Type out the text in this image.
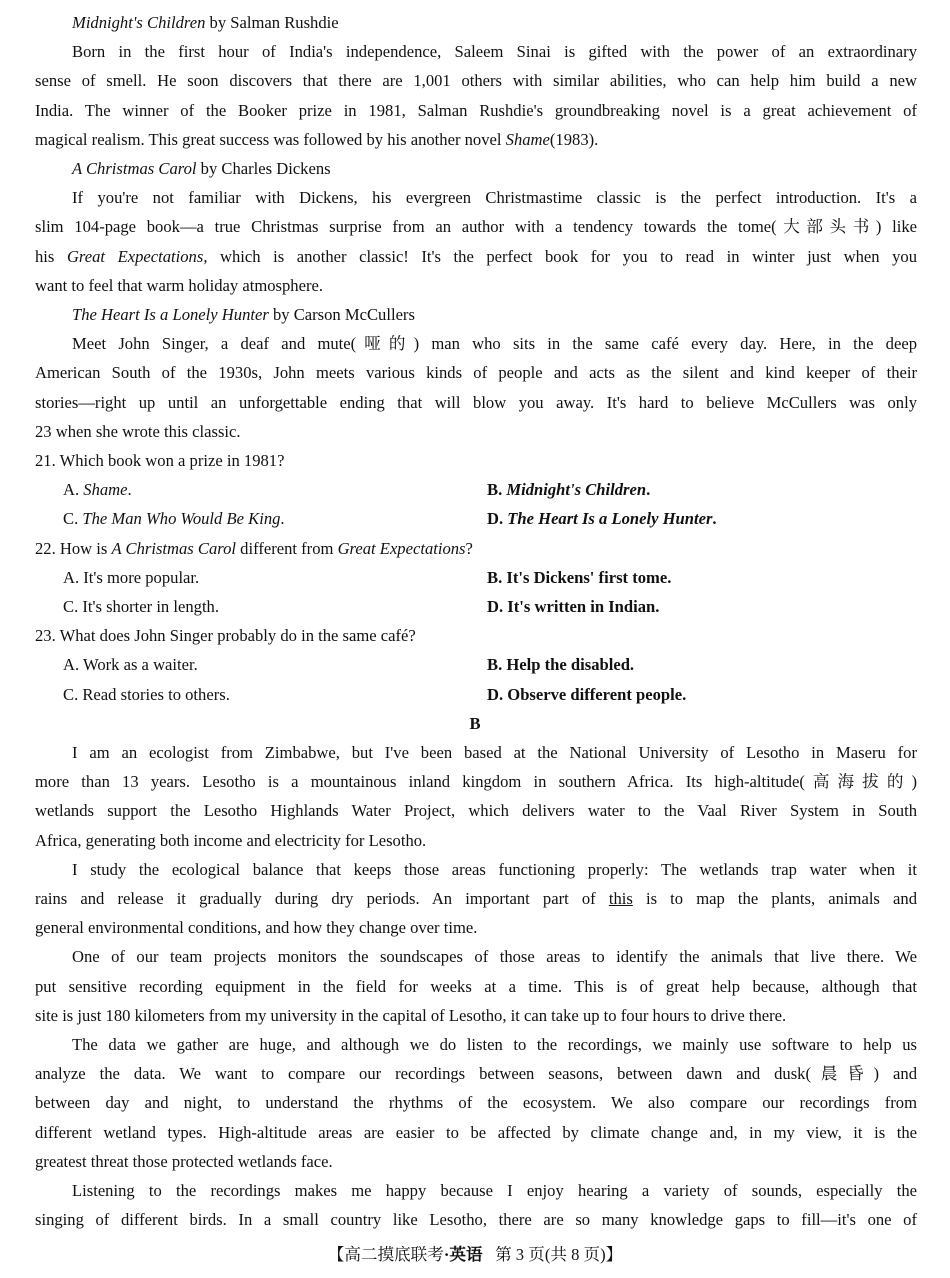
Midnight's Children by Salman Rushdie
Born in the first hour of India's independence, Saleem Sinai is gifted with the power of an extraordinary
sense of smell. He soon discovers that there are 1,001 others with similar abilities, who can help him build a new
India. The winner of the Booker prize in 1981, Salman Rushdie's groundbreaking novel is a great achievement of
magical realism. This great success was followed by his another novel Shame(1983).
A Christmas Carol by Charles Dickens
If you're not familiar with Dickens, his evergreen Christmastime classic is the perfect introduction. It's a
slim 104-page book—a true Christmas surprise from an author with a tendency towards the tome(大部头书) like
his Great Expectations, which is another classic! It's the perfect book for you to read in winter just when you
want to feel that warm holiday atmosphere.
The Heart Is a Lonely Hunter by Carson McCullers
Meet John Singer, a deaf and mute(哑的) man who sits in the same café every day. Here, in the deep
American South of the 1930s, John meets various kinds of people and acts as the silent and kind keeper of their
stories—right up until an unforgettable ending that will blow you away. It's hard to believe McCullers was only
23 when she wrote this classic.
21. Which book won a prize in 1981?
A. Shame.	B. Midnight's Children.
C. The Man Who Would Be King.	D. The Heart Is a Lonely Hunter.
22. How is A Christmas Carol different from Great Expectations?
A. It's more popular.	B. It's Dickens' first tome.
C. It's shorter in length.	D. It's written in Indian.
23. What does John Singer probably do in the same café?
A. Work as a waiter.	B. Help the disabled.
C. Read stories to others.	D. Observe different people.
B
I am an ecologist from Zimbabwe, but I've been based at the National University of Lesotho in Maseru for
more than 13 years. Lesotho is a mountainous inland kingdom in southern Africa. Its high-altitude(高海拔的)
wetlands support the Lesotho Highlands Water Project, which delivers water to the Vaal River System in South
Africa, generating both income and electricity for Lesotho.
I study the ecological balance that keeps those areas functioning properly: The wetlands trap water when it
rains and release it gradually during dry periods. An important part of this is to map the plants, animals and
general environmental conditions, and how they change over time.
One of our team projects monitors the soundscapes of those areas to identify the animals that live there. We
put sensitive recording equipment in the field for weeks at a time. This is of great help because, although that
site is just 180 kilometers from my university in the capital of Lesotho, it can take up to four hours to drive there.
The data we gather are huge, and although we do listen to the recordings, we mainly use software to help us
analyze the data. We want to compare our recordings between seasons, between dawn and dusk(晨昏) and
between day and night, to understand the rhythms of the ecosystem. We also compare our recordings from
different wetland types. High-altitude areas are easier to be affected by climate change and, in my view, it is the
greatest threat those protected wetlands face.
Listening to the recordings makes me happy because I enjoy hearing a variety of sounds, especially the
singing of different birds. In a small country like Lesotho, there are so many knowledge gaps to fill—it's one of
【高二摸底联考·英语 第 3 页(共 8 页)】
